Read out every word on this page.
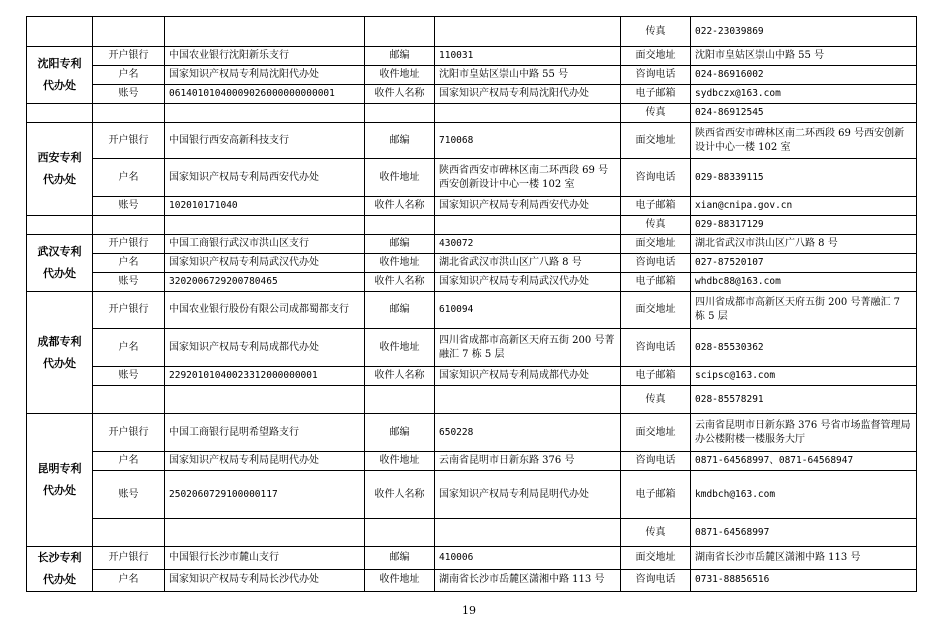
					传真	022-23039869
沈阳专利
代办处	开户银行	中国农业银行沈阳新乐支行	邮编	110031	面交地址	沈阳市皇姑区崇山中路 55 号
	户名	国家知识产权局专利局沈阳代办处	收件地址	沈阳市皇姑区崇山中路 55 号	咨询电话	024-86916002
	账号	06140101040009026000000000001	收件人名称	国家知识产权局专利局沈阳代办处	电子邮箱	sydbczx@163.com
					传真	024-86912545
西安专利
代办处	开户银行	中国银行西安高新科技支行	邮编	710068	面交地址	陕西省西安市碑林区南二环西段 69 号西安创新设计中心一楼 102 室
	户名	国家知识产权局专利局西安代办处	收件地址	陕西省西安市碑林区南二环西段 69 号西安创新设计中心一楼 102 室	咨询电话	029-88339115
	账号	102010171040	收件人名称	国家知识产权局专利局西安代办处	电子邮箱	xian@cnipa.gov.cn
					传真	029-88317129
武汉专利
代办处	开户银行	中国工商银行武汉市洪山区支行	邮编	430072	面交地址	湖北省武汉市洪山区广八路 8 号
	户名	国家知识产权局专利局武汉代办处	收件地址	湖北省武汉市洪山区广八路 8 号	咨询电话	027-87520107
	账号	3202006729200780465	收件人名称	国家知识产权局专利局武汉代办处	电子邮箱	whdbc88@163.com
成都专利
代办处	开户银行	中国农业银行股份有限公司成都蜀都支行	邮编	610094	面交地址	四川省成都市高新区天府五街 200 号菁融汇 7 栋 5 层
	户名	国家知识产权局专利局成都代办处	收件地址	四川省成都市高新区天府五街 200 号菁融汇 7 栋 5 层	咨询电话	028-85530362
	账号	22920101040023312000000001	收件人名称	国家知识产权局专利局成都代办处	电子邮箱	scipsc@163.com
					传真	028-85578291
昆明专利
代办处	开户银行	中国工商银行昆明希望路支行	邮编	650228	面交地址	云南省昆明市日新东路 376 号省市场监督管理局办公楼附楼一楼服务大厅
	户名	国家知识产权局专利局昆明代办处	收件地址	云南省昆明市日新东路 376 号	咨询电话	0871-64568997、0871-64568947
	账号	2502060729100000117	收件人名称	国家知识产权局专利局昆明代办处	电子邮箱	kmdbch@163.com
					传真	0871-64568997
长沙专利
代办处	开户银行	中国银行长沙市麓山支行	邮编	410006	面交地址	湖南省长沙市岳麓区潇湘中路 113 号
	户名	国家知识产权局专利局长沙代办处	收件地址	湖南省长沙市岳麓区潇湘中路 113 号	咨询电话	0731-88856516
19
